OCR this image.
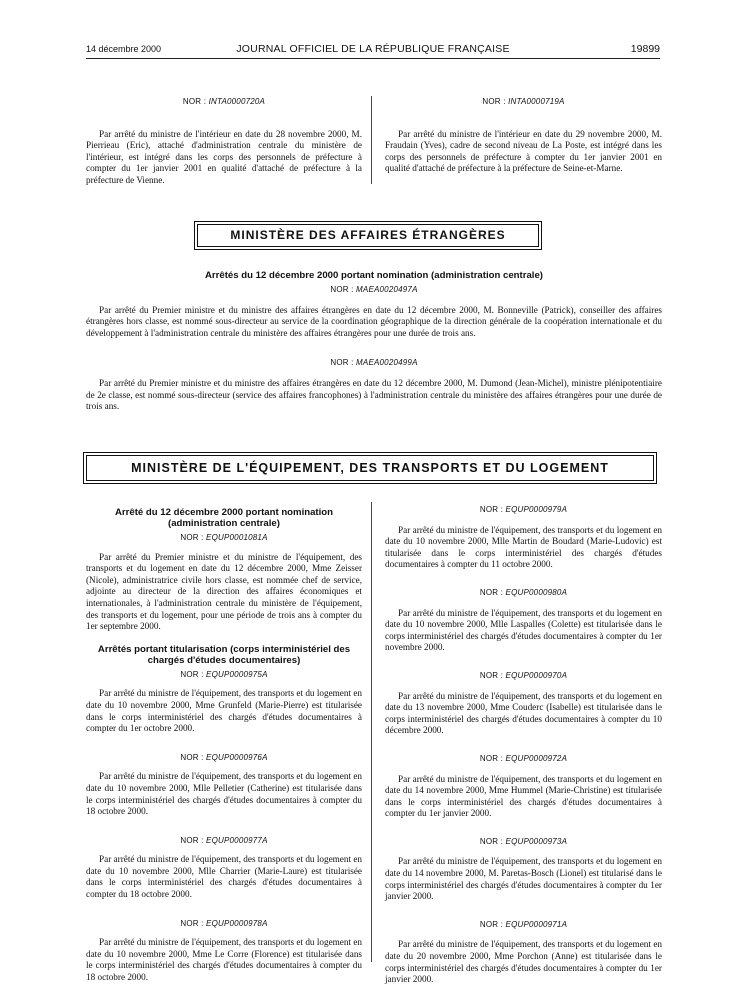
14 décembre 2000	JOURNAL OFFICIEL DE LA RÉPUBLIQUE FRANÇAISE	19899
NOR : INTA0000720A

Par arrêté du ministre de l'intérieur en date du 28 novembre 2000, M. Pierrieau (Eric), attaché d'administration centrale du ministère de l'intérieur, est intégré dans les corps des personnels de préfecture à compter du 1er janvier 2001 en qualité d'attaché de préfecture à la préfecture de Vienne.

NOR : INTA0000719A

Par arrêté du ministre de l'intérieur en date du 29 novembre 2000, M. Fraudain (Yves), cadre de second niveau de La Poste, est intégré dans les corps des personnels de préfecture à compter du 1er janvier 2001 en qualité d'attaché de préfecture à la préfecture de Seine-et-Marne.

MINISTÈRE DES AFFAIRES ÉTRANGÈRES
Arrêtés du 12 décembre 2000 portant nomination (administration centrale)
NOR : MAEA0020497A

Par arrêté du Premier ministre et du ministre des affaires étrangères en date du 12 décembre 2000, M. Bonneville (Patrick), conseiller des affaires étrangères hors classe, est nommé sous-directeur au service de la coordination géographique de la direction générale de la coopération internationale et du développement à l'administration centrale du ministère des affaires étrangères pour une durée de trois ans.

NOR : MAEA0020499A

Par arrêté du Premier ministre et du ministre des affaires étrangères en date du 12 décembre 2000, M. Dumond (Jean-Michel), ministre plénipotentiaire de 2e classe, est nommé sous-directeur (service des affaires francophones) à l'administration centrale du ministère des affaires étrangères pour une durée de trois ans.

MINISTÈRE DE L'ÉQUIPEMENT, DES TRANSPORTS ET DU LOGEMENT
Arrêté du 12 décembre 2000 portant nomination (administration centrale)
NOR : EQUP0001081A

Par arrêté du Premier ministre et du ministre de l'équipement, des transports et du logement en date du 12 décembre 2000, Mme Zeisser (Nicole), administratrice civile hors classe, est nommée chef de service, adjointe au directeur de la direction des affaires économiques et internationales, à l'administration centrale du ministère de l'équipement, des transports et du logement, pour une période de trois ans à compter du 1er septembre 2000.

Arrêtés portant titularisation (corps interministériel des chargés d'études documentaires)
NOR : EQUP0000975A

Par arrêté du ministre de l'équipement, des transports et du logement en date du 10 novembre 2000, Mme Grunfeld (Marie-Pierre) est titularisée dans le corps interministériel des chargés d'études documentaires à compter du 1er octobre 2000.

NOR : EQUP0000976A

Par arrêté du ministre de l'équipement, des transports et du logement en date du 10 novembre 2000, Mlle Pelletier (Catherine) est titularisée dans le corps interministériel des chargés d'études documentaires à compter du 18 octobre 2000.

NOR : EQUP0000977A

Par arrêté du ministre de l'équipement, des transports et du logement en date du 10 novembre 2000, Mlle Charrier (Marie-Laure) est titularisée dans le corps interministériel des chargés d'études documentaires à compter du 18 octobre 2000.

NOR : EQUP0000978A

Par arrêté du ministre de l'équipement, des transports et du logement en date du 10 novembre 2000, Mme Le Corre (Florence) est titularisée dans le corps interministériel des chargés d'études documentaires à compter du 18 octobre 2000.

NOR : EQUP0000979A

Par arrêté du ministre de l'équipement, des transports et du logement en date du 10 novembre 2000, Mlle Martin de Boudard (Marie-Ludovic) est titularisée dans le corps interministériel des chargés d'études documentaires à compter du 11 octobre 2000.

NOR : EQUP0000980A

Par arrêté du ministre de l'équipement, des transports et du logement en date du 10 novembre 2000, Mlle Laspalles (Colette) est titularisée dans le corps interministériel des chargés d'études documentaires à compter du 1er novembre 2000.

NOR : EQUP0000970A

Par arrêté du ministre de l'équipement, des transports et du logement en date du 13 novembre 2000, Mme Couderc (Isabelle) est titularisée dans le corps interministériel des chargés d'études documentaires à compter du 10 décembre 2000.

NOR : EQUP0000972A

Par arrêté du ministre de l'équipement, des transports et du logement en date du 14 novembre 2000, Mme Hummel (Marie-Christine) est titularisée dans le corps interministériel des chargés d'études documentaires à compter du 1er janvier 2000.

NOR : EQUP0000973A

Par arrêté du ministre de l'équipement, des transports et du logement en date du 14 novembre 2000, M. Paretas-Bosch (Lionel) est titularisé dans le corps interministériel des chargés d'études documentaires à compter du 1er janvier 2000.

NOR : EQUP0000971A

Par arrêté du ministre de l'équipement, des transports et du logement en date du 20 novembre 2000, Mme Porchon (Anne) est titularisée dans le corps interministériel des chargés d'études documentaires à compter du 1er janvier 2000.
